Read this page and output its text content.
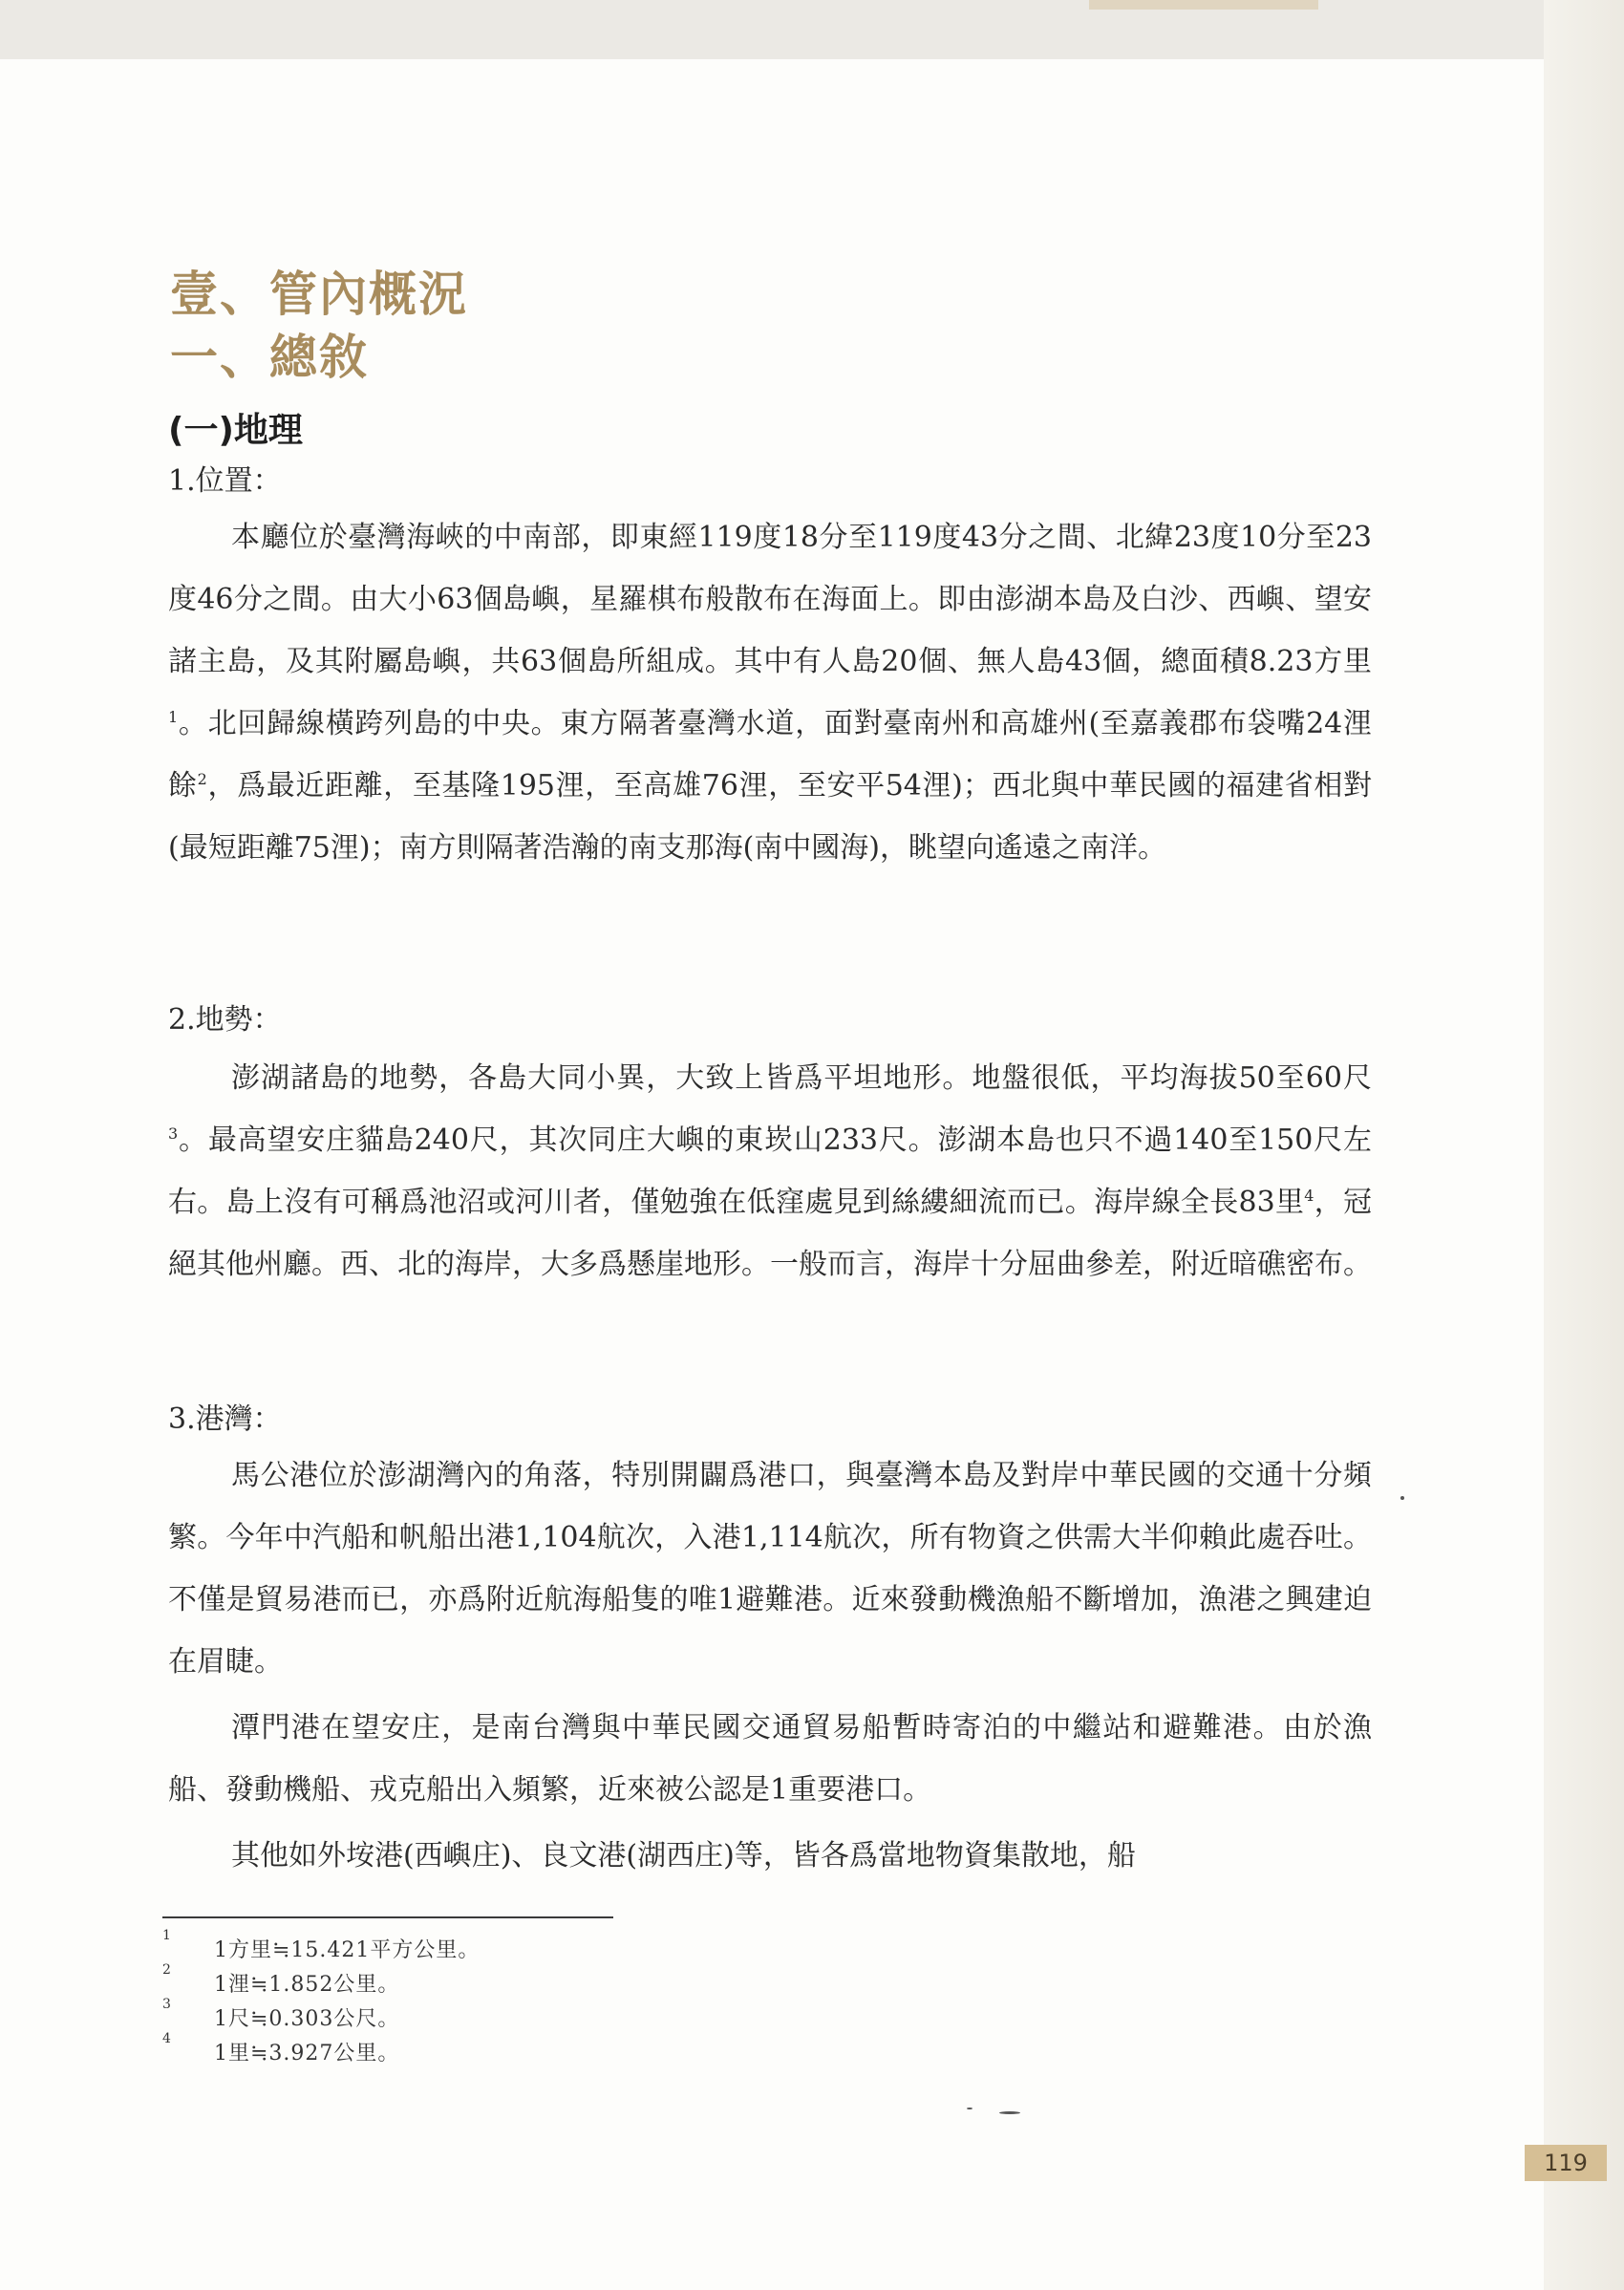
壹、管內概況
一、總敘
(一)地理
1.位置：

本廳位於臺灣海峽的中南部，即東經119度18分至119度43分之間、北緯23度10分至23度46分之間。由大小63個島嶼，星羅棋布般散布在海面上。即由澎湖本島及白沙、西嶼、望安諸主島，及其附屬島嶼，共63個島所組成。其中有人島20個、無人島43個，總面積8.23方里$^1$。北回歸線橫跨列島的中央。東方隔著臺灣水道，面對臺南州和高雄州(至嘉義郡布袋嘴24浬餘$^2$，爲最近距離，至基隆195浬，至高雄76浬，至安平54浬)；西北與中華民國的福建省相對(最短距離75浬)；南方則隔著浩瀚的南支那海(南中國海)，眺望向遙遠之南洋。

2.地勢：

澎湖諸島的地勢，各島大同小異，大致上皆爲平坦地形。地盤很低，平均海拔50至60尺$^3$。最高望安庄貓島240尺，其次同庄大嶼的東崁山233尺。澎湖本島也只不過140至150尺左右。島上沒有可稱爲池沼或河川者，僅勉強在低窪處見到絲縷細流而已。海岸線全長83里$^4$，冠絕其他州廳。西、北的海岸，大多爲懸崖地形。一般而言，海岸十分屈曲參差，附近暗礁密布。

3.港灣：

馬公港位於澎湖灣內的角落，特別開闢爲港口，與臺灣本島及對岸中華民國的交通十分頻繁。今年中汽船和帆船出港1,104航次，入港1,114航次，所有物資之供需大半仰賴此處吞吐。不僅是貿易港而已，亦爲附近航海船隻的唯1避難港。近來發動機漁船不斷增加，漁港之興建迫在眉睫。

潭門港在望安庄，是南台灣與中華民國交通貿易船暫時寄泊的中繼站和避難港。由於漁船、發動機船、戎克船出入頻繁，近來被公認是1重要港口。

其他如外垵港(西嶼庄)、良文港(湖西庄)等，皆各爲當地物資集散地，船

1
1方里≒15.421平方公里。
2
1浬≒1.852公里。
3
1尺≒0.303公尺。
4
1里≒3.927公里。
119
